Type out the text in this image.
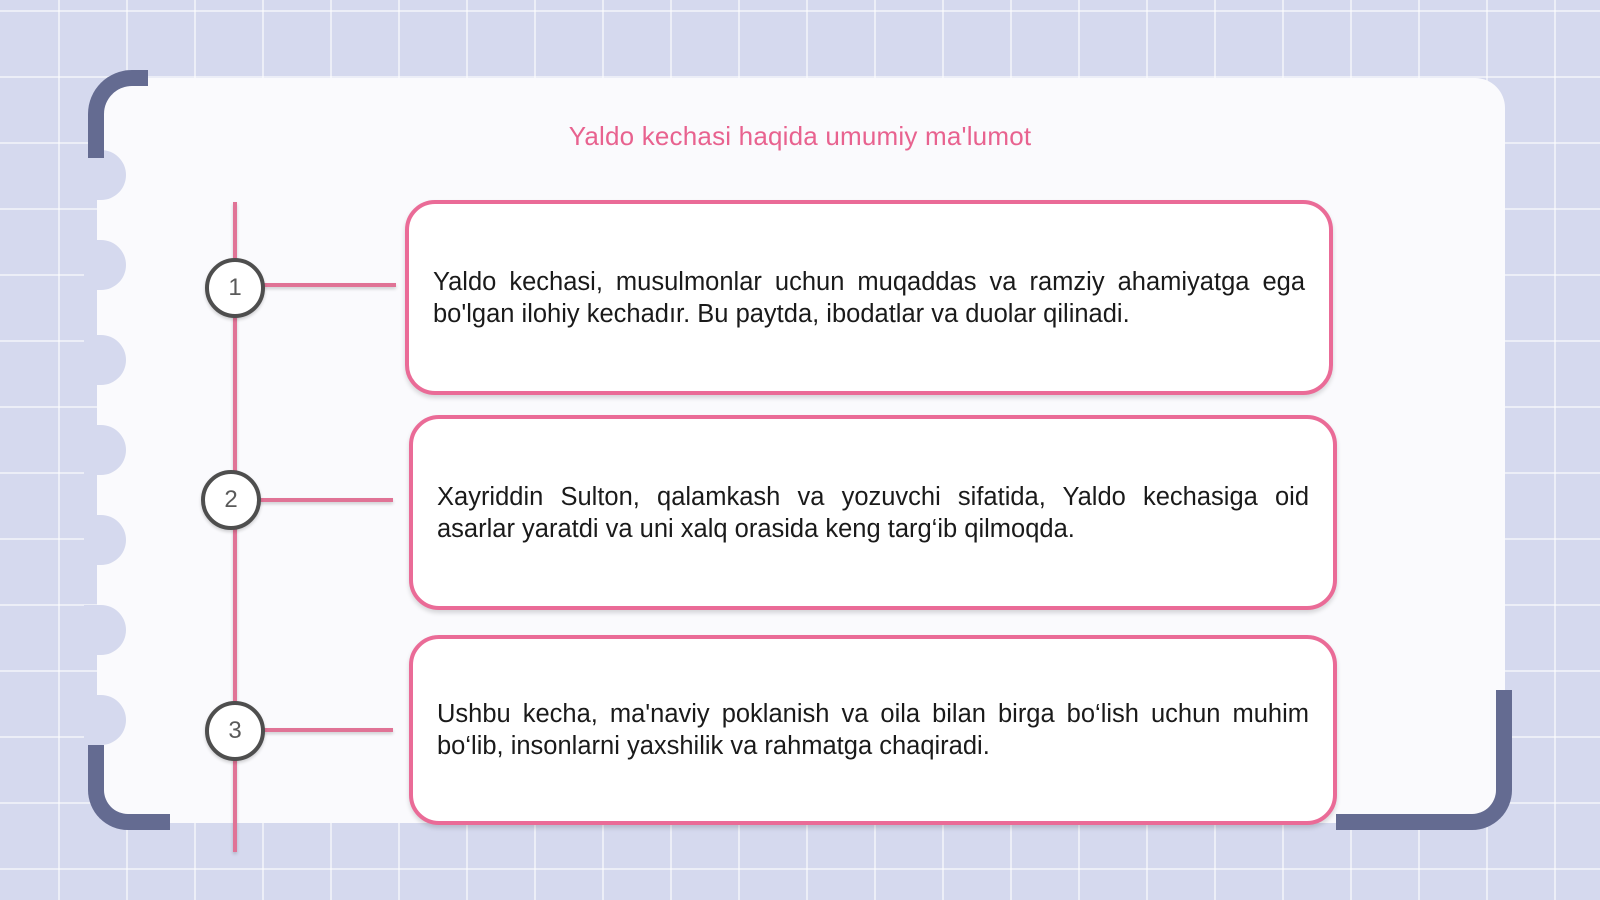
Yaldo kechasi haqida umumiy ma'lumot
1	Yaldo kechasi, musulmonlar uchun muqaddas va ramziy ahamiyatga ega bo'lgan ilohiy kechadır. Bu paytda, ibodatlar va duolar qilinadi.

2	Xayriddin Sulton, qalamkash va yozuvchi sifatida, Yaldo kechasiga oid asarlar yaratdi va uni xalq orasida keng targ‘ib qilmoqda.

3

Ushbu kecha, ma'naviy poklanish va oila bilan birga bo‘lish uchun muhim bo‘lib, insonlarni yaxshilik va rahmatga chaqiradi.
